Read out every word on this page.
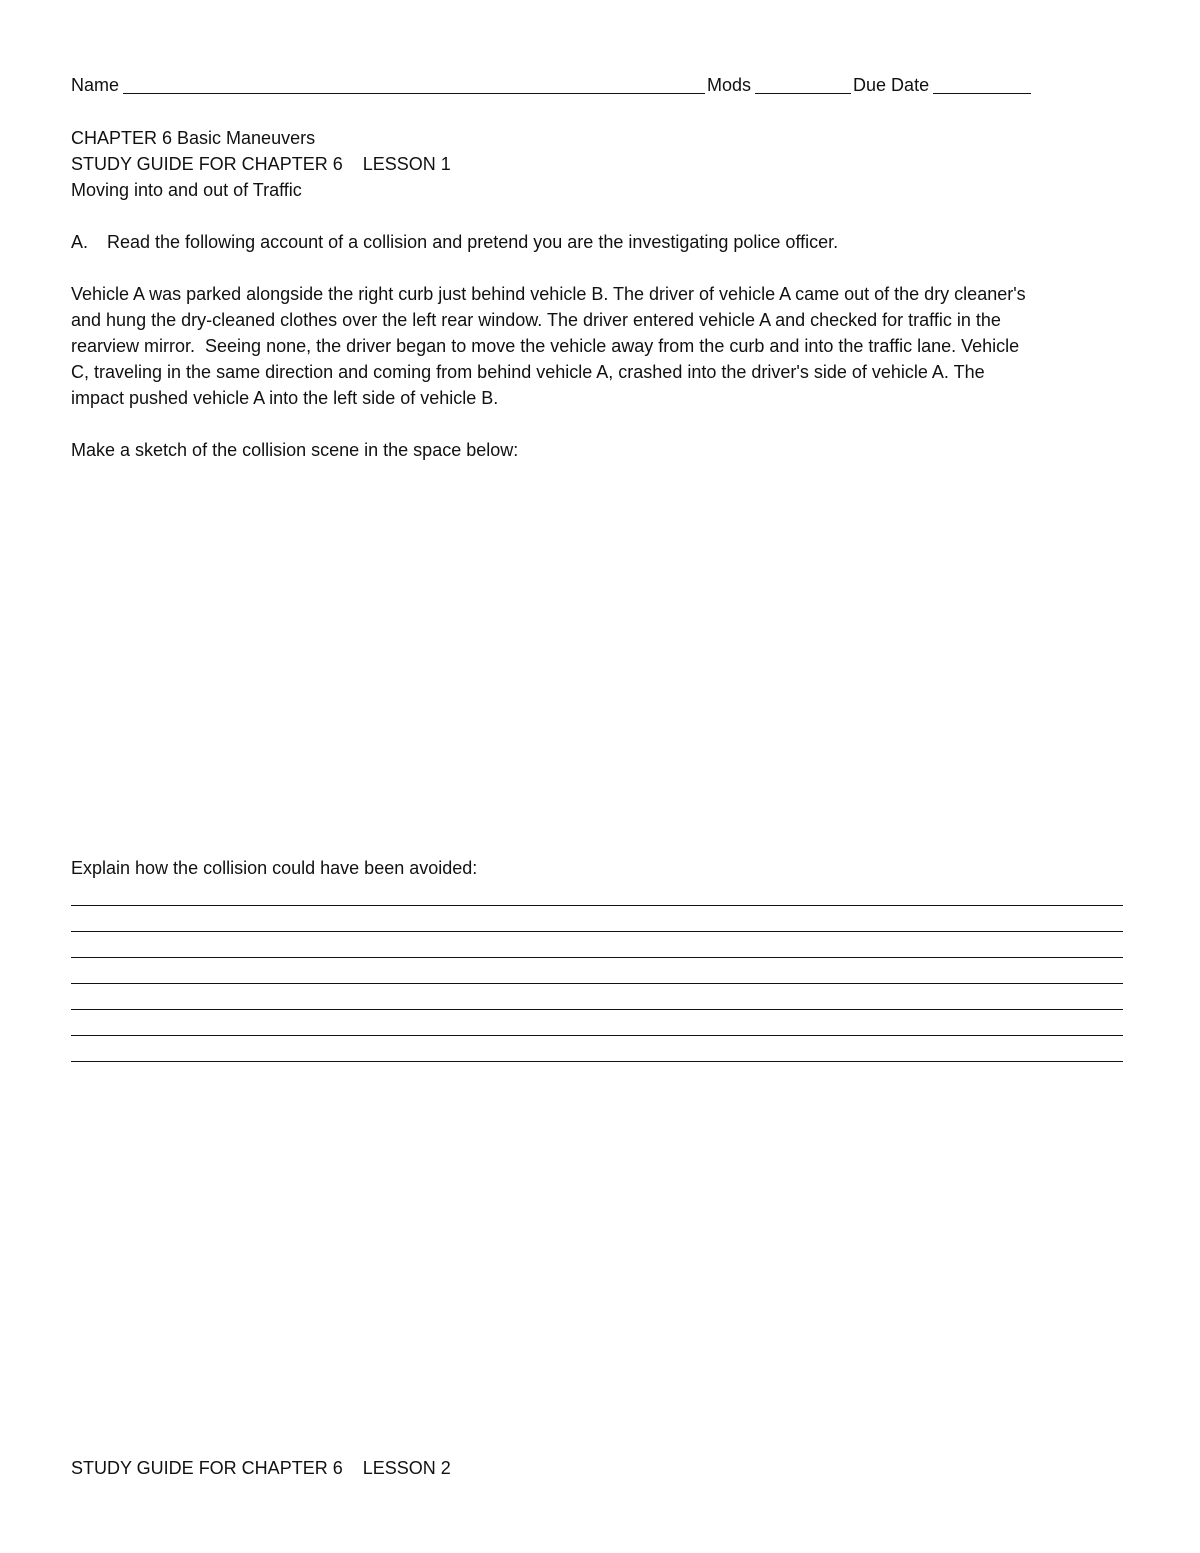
Name	Mods	Due Date
CHAPTER 6 Basic Maneuvers
STUDY GUIDE FOR CHAPTER 6    LESSON 1
Moving into and out of Traffic
A. Read the following account of a collision and pretend you are the investigating police officer.
Vehicle A was parked alongside the right curb just behind vehicle B. The driver of vehicle A came out of the dry cleaner's
and hung the dry-cleaned clothes over the left rear window. The driver entered vehicle A and checked for traffic in the
rearview mirror.  Seeing none, the driver began to move the vehicle away from the curb and into the traffic lane. Vehicle
C, traveling in the same direction and coming from behind vehicle A, crashed into the driver's side of vehicle A. The
impact pushed vehicle A into the left side of vehicle B.
Make a sketch of the collision scene in the space below:
Explain how the collision could have been avoided:
STUDY GUIDE FOR CHAPTER 6    LESSON 2
